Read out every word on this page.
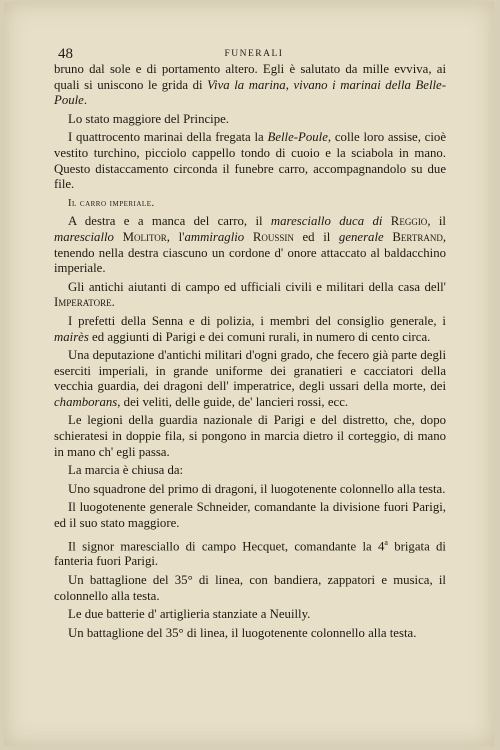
48	FUNERALI

bruno dal sole e di portamento altero. Egli è salutato da mille evviva, ai quali si uniscono le grida di Viva la marina, vivano i marinai della Belle-Poule.

Lo stato maggiore del Principe.

I quattrocento marinai della fregata la Belle-Poule, colle loro assise, cioè vestito turchino, picciolo cappello tondo di cuoio e la sciabola in mano. Questo distaccamento circonda il funebre carro, accompagnandolo su due file.

Il carro imperiale.

A destra e a manca del carro, il maresciallo duca di Reggio, il maresciallo Molitor, l'ammiraglio Roussin ed il generale Bertrand, tenendo nella destra ciascuno un cordone d' onore attaccato al baldacchino imperiale.

Gli antichi aiutanti di campo ed ufficiali civili e militari della casa dell' Imperatore.

I prefetti della Senna e di polizia, i membri del consiglio generale, i mairès ed aggiunti di Parigi e dei comuni rurali, in numero di cento circa.

Una deputazione d'antichi militari d'ogni grado, che fecero già parte degli eserciti imperiali, in grande uniforme dei granatieri e cacciatori della vecchia guardia, dei dragoni dell' imperatrice, degli ussari della morte, dei chamborans, dei veliti, delle guide, de' lancieri rossi, ecc.

Le legioni della guardia nazionale di Parigi e del distretto, che, dopo schieratesi in doppie fila, si pongono in marcia dietro il corteggio, di mano in mano ch' egli passa.

La marcia è chiusa da:

Uno squadrone del primo di dragoni, il luogotenente colonnello alla testa.

Il luogotenente generale Schneider, comandante la divisione fuori Parigi, ed il suo stato maggiore.

Il signor maresciallo di campo Hecquet, comandante la 4$^a$ brigata di fanteria fuori Parigi.

Un battaglione del 35° di linea, con bandiera, zappatori e musica, il colonnello alla testa.

Le due batterie d' artiglieria stanziate a Neuilly.

Un battaglione del 35° di linea, il luogotenente colonnello alla testa.
